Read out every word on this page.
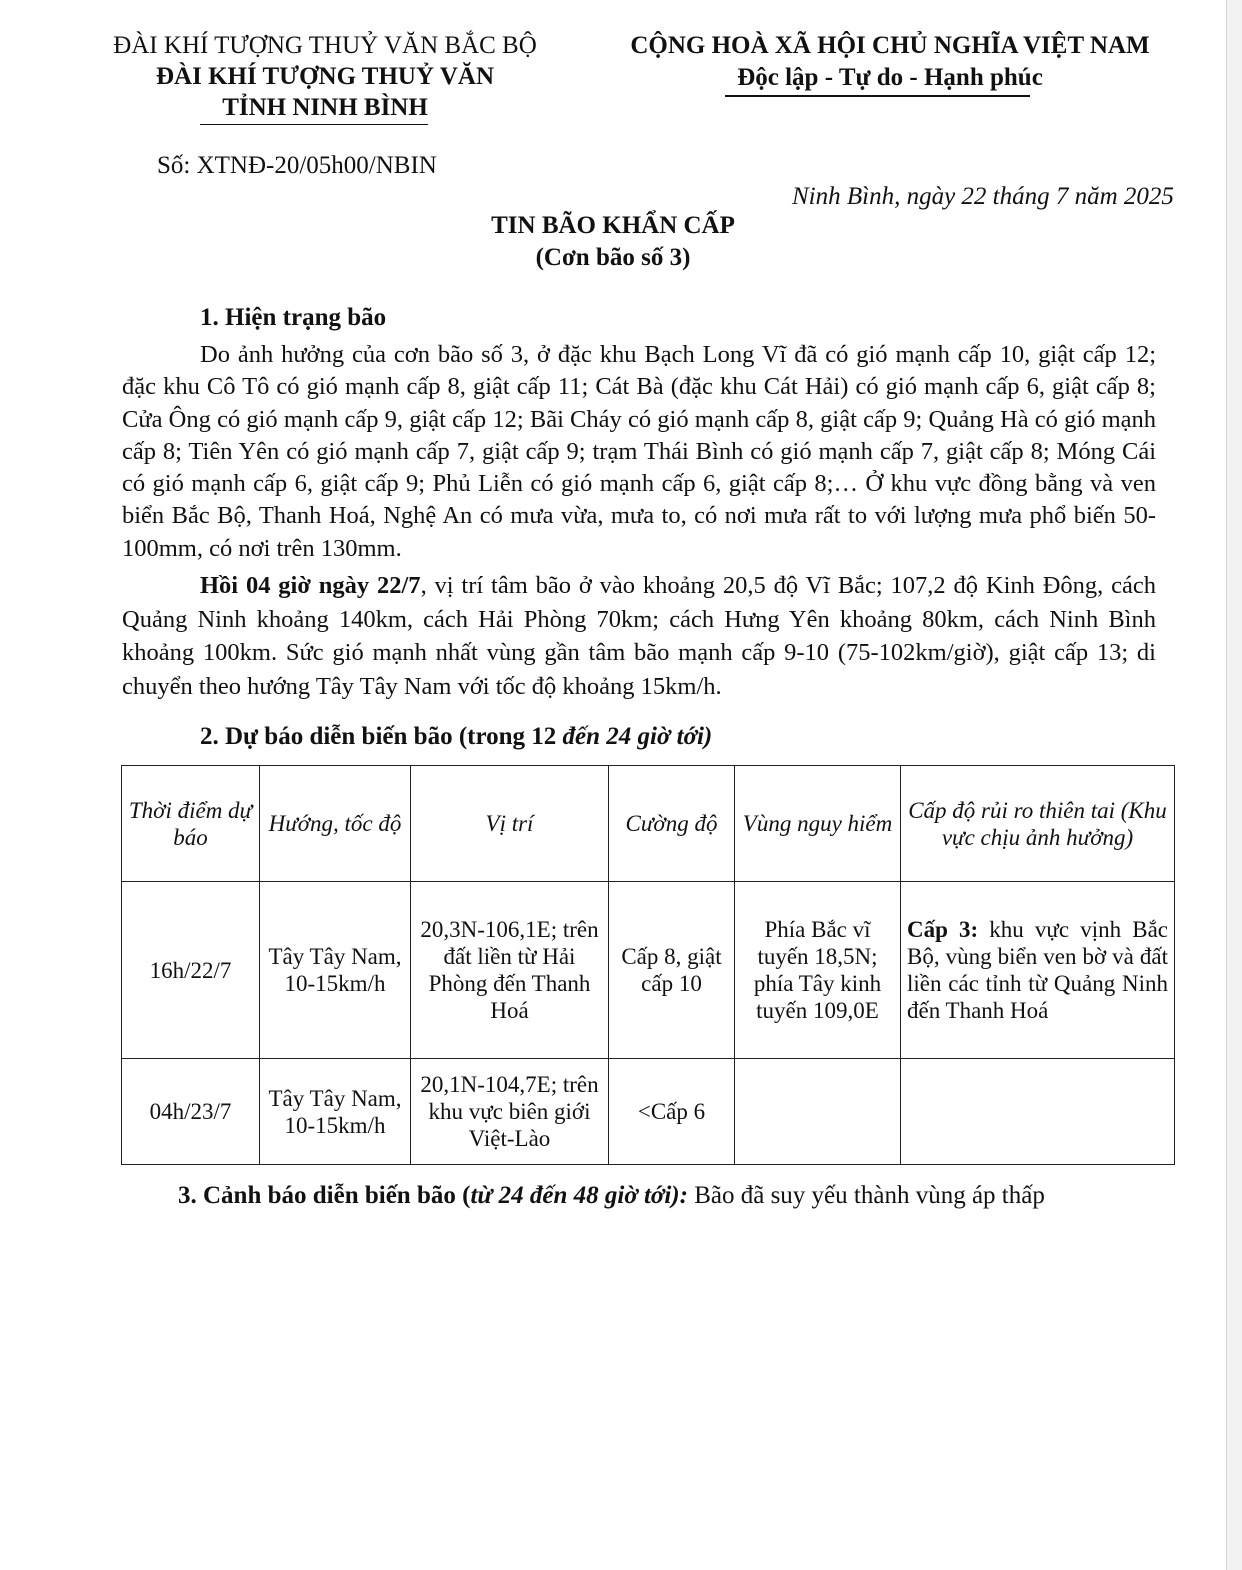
ĐÀI KHÍ TƯỢNG THUỶ VĂN BẮC BỘ
ĐÀI KHÍ TƯỢNG THUỶ VĂN
TỈNH NINH BÌNH
CỘNG HOÀ XÃ HỘI CHỦ NGHĨA VIỆT NAM
Độc lập - Tự do - Hạnh phúc
Số: XTNĐ-20/05h00/NBIN
Ninh Bình, ngày 22 tháng 7 năm 2025
TIN BÃO KHẨN CẤP
(Cơn bão số 3)
1. Hiện trạng bão
Do ảnh hưởng của cơn bão số 3, ở đặc khu Bạch Long Vĩ đã có gió mạnh cấp 10, giật cấp 12; đặc khu Cô Tô có gió mạnh cấp 8, giật cấp 11; Cát Bà (đặc khu Cát Hải) có gió mạnh cấp 6, giật cấp 8; Cửa Ông có gió mạnh cấp 9, giật cấp 12; Bãi Cháy có gió mạnh cấp 8, giật cấp 9; Quảng Hà có gió mạnh cấp 8; Tiên Yên có gió mạnh cấp 7, giật cấp 9; trạm Thái Bình có gió mạnh cấp 7, giật cấp 8; Móng Cái có gió mạnh cấp 6, giật cấp 9; Phủ Liễn có gió mạnh cấp 6, giật cấp 8;… Ở khu vực đồng bằng và ven biển Bắc Bộ, Thanh Hoá, Nghệ An có mưa vừa, mưa to, có nơi mưa rất to với lượng mưa phổ biến 50-100mm, có nơi trên 130mm.
Hồi 04 giờ ngày 22/7, vị trí tâm bão ở vào khoảng 20,5 độ Vĩ Bắc; 107,2 độ Kinh Đông, cách Quảng Ninh khoảng 140km, cách Hải Phòng 70km; cách Hưng Yên khoảng 80km, cách Ninh Bình khoảng 100km. Sức gió mạnh nhất vùng gần tâm bão mạnh cấp 9-10 (75-102km/giờ), giật cấp 13; di chuyển theo hướng Tây Tây Nam với tốc độ khoảng 15km/h.
2. Dự báo diễn biến bão (trong 12 đến 24 giờ tới)
Thời điểm dự báo	Hướng, tốc độ	Vị trí	Cường độ	Vùng nguy hiểm	Cấp độ rủi ro thiên tai (Khu vực chịu ảnh hưởng)
16h/22/7	Tây Tây Nam, 10-15km/h	20,3N-106,1E; trên đất liền từ Hải Phòng đến Thanh Hoá	Cấp 8, giật cấp 10	Phía Bắc vĩ tuyến 18,5N; phía Tây kinh tuyến 109,0E	Cấp 3: khu vực vịnh Bắc Bộ, vùng biển ven bờ và đất liền các tỉnh từ Quảng Ninh đến Thanh Hoá
04h/23/7	Tây Tây Nam, 10-15km/h	20,1N-104,7E; trên khu vực biên giới Việt-Lào	<Cấp 6		
3. Cảnh báo diễn biến bão (từ 24 đến 48 giờ tới): Bão đã suy yếu thành vùng áp thấp
